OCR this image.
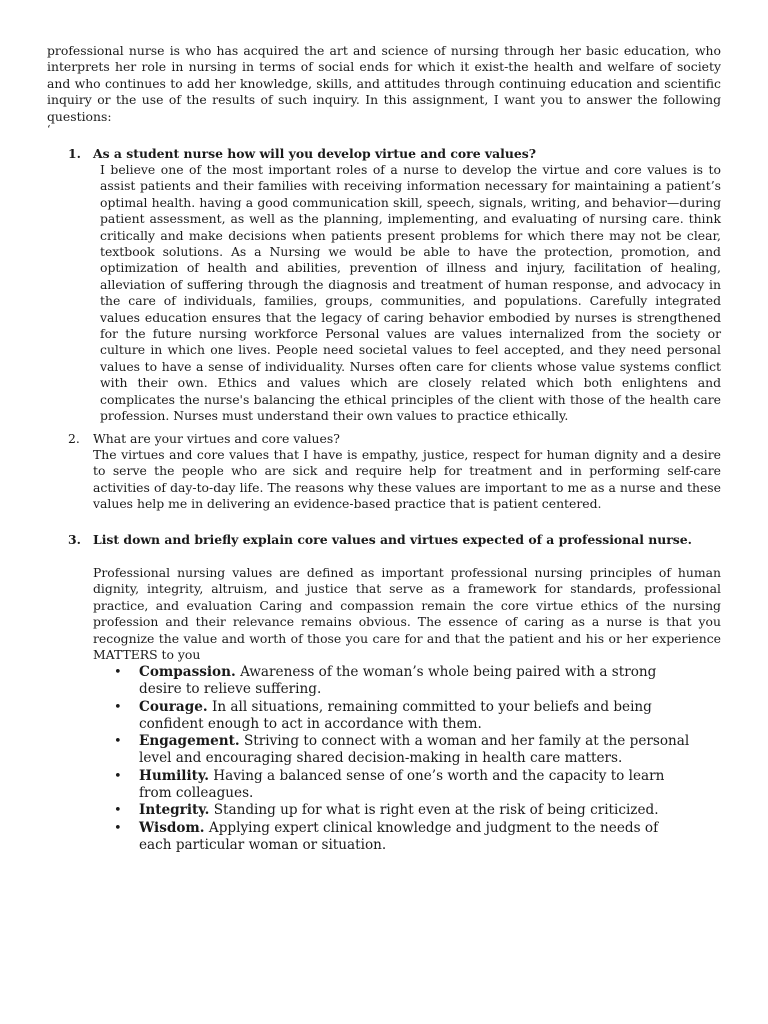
professional nurse is who has acquired the art and science of nursing through her basic education, who interprets her role in nursing in terms of social ends for which it exist-the health and welfare of society and who continues to add her knowledge, skills, and attitudes through continuing education and scientific inquiry or the use of the results of such inquiry. In this assignment, I want you to answer the following questions:

‘
1. As a student nurse how will you develop virtue and core values?

I believe one of the most important roles of a nurse to develop the virtue and core values is to assist patients and their families with receiving information necessary for maintaining a patient’s optimal health. having a good communication skill, speech, signals, writing, and behavior—during patient assessment, as well as the planning, implementing, and evaluating of nursing care. think critically and make decisions when patients present problems for which there may not be clear, textbook solutions. As a Nursing we would be able to have the protection, promotion, and optimization of health and abilities, prevention of illness and injury, facilitation of healing, alleviation of suffering through the diagnosis and treatment of human response, and advocacy in the care of individuals, families, groups, communities, and populations. Carefully integrated values education ensures that the legacy of caring behavior embodied by nurses is strengthened for the future nursing workforce Personal values are values internalized from the society or culture in which one lives. People need societal values to feel accepted, and they need personal values to have a sense of individuality. Nurses often care for clients whose value systems conflict with their own. Ethics and values which are closely related which both enlightens and complicates the nurse's balancing the ethical principles of the client with those of the health care profession. Nurses must understand their own values to practice ethically.

2. What are your virtues and core values?

The virtues and core values that I have is empathy, justice, respect for human dignity and a desire to serve the people who are sick and require help for treatment and in performing self-care activities of day-to-day life. The reasons why these values are important to me as a nurse and these values help me in delivering an evidence-based practice that is patient centered.

3. List down and briefly explain core values and virtues expected of a professional nurse.

Professional nursing values are defined as important professional nursing principles of human dignity, integrity, altruism, and justice that serve as a framework for standards, professional practice, and evaluation Caring and compassion remain the core virtue ethics of the nursing profession and their relevance remains obvious. The essence of caring as a nurse is that you recognize the value and worth of those you care for and that the patient and his or her experience MATTERS to you

• Compassion. Awareness of the woman’s whole being paired with a strong desire to relieve suffering.
• Courage. In all situations, remaining committed to your beliefs and being confident enough to act in accordance with them.
• Engagement. Striving to connect with a woman and her family at the personal level and encouraging shared decision-making in health care matters.
• Humility. Having a balanced sense of one’s worth and the capacity to learn from colleagues.
• Integrity. Standing up for what is right even at the risk of being criticized.
• Wisdom. Applying expert clinical knowledge and judgment to the needs of each particular woman or situation.
